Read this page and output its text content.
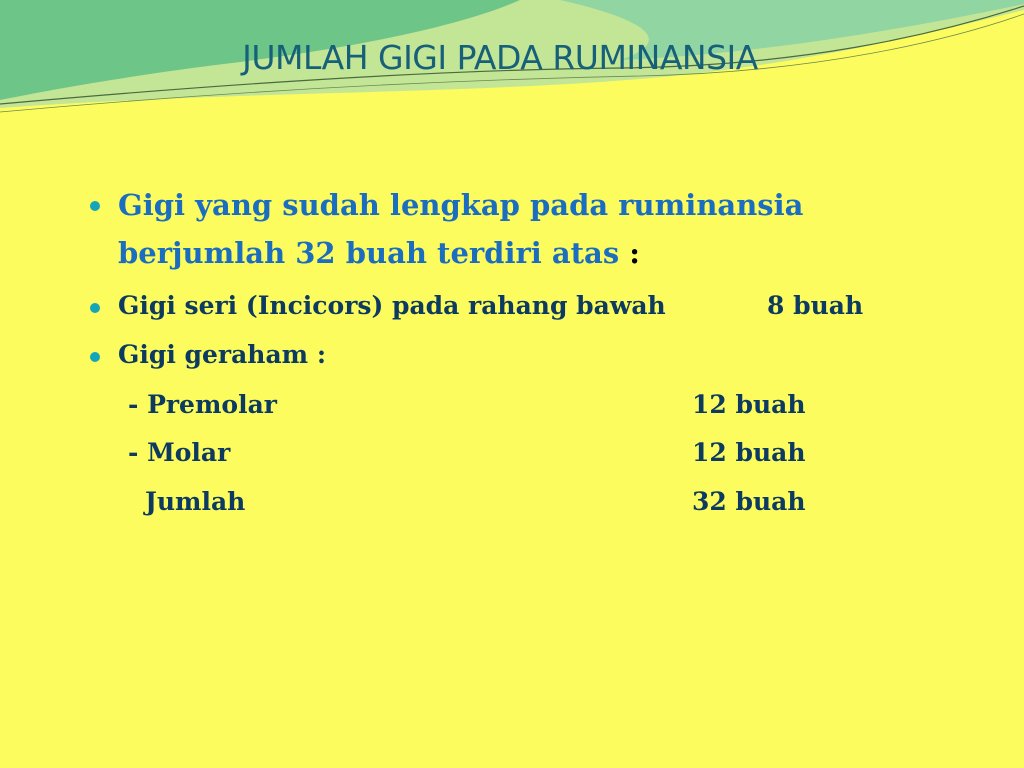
JUMLAH GIGI PADA RUMINANSIA
Gigi yang sudah lengkap pada ruminansia
berjumlah 32 buah terdiri atas :
Gigi seri (Incicors) pada rahang bawah	8 buah
Gigi geraham :
- Premolar	12 buah
- Molar	12 buah
Jumlah	32 buah
